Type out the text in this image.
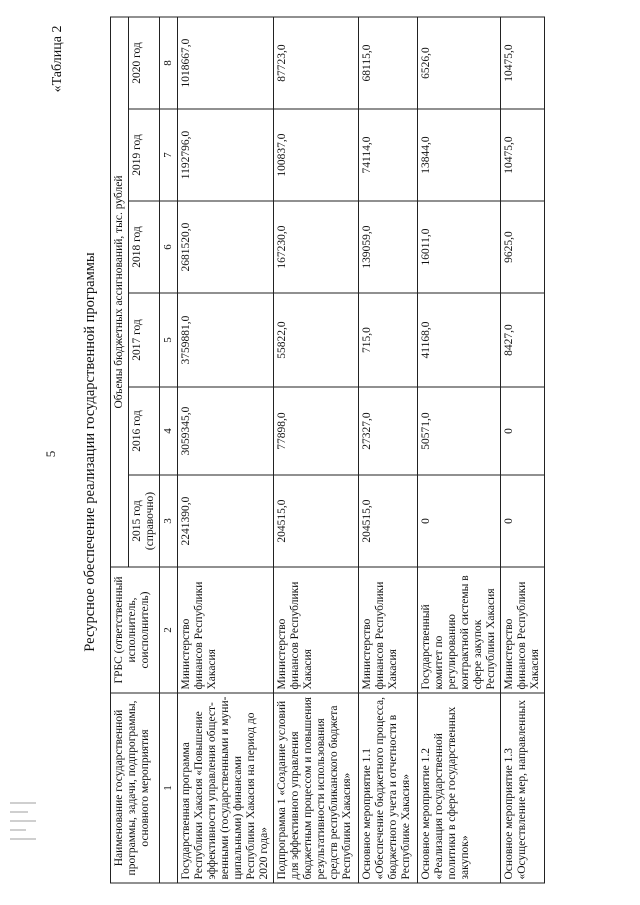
5
«Таблица 2
Ресурсное обеспечение реализации государственной программы
Наименование государственной программы, задачи, подпрограммы, основного мероприятия	ГРБС (ответственный исполнитель, соисполнитель)	Объемы бюджетных ассигнований, тыс. рублей					
		2015 год (справочно)	2016 год	2017 год	2018 год	2019 год	2020 год
1	2	3	4	5	6	7	8
Государственная программа Республики Хакасия «Повышение эффективности управления общест-венными (государственными и муни-ципальными) финансами Республики Хакасия на период до 2020 года»	Министерство финансов Республики Хакасия	2241390,0	3059345,0	3759881,0	2681520,0	1192796,0	1018667,0
Подпрограмма 1 «Создание условий для эффективного управления бюджетным процессом и повышения результативности использования средств республиканского бюджета Республики Хакасия»	Министерство финансов Республики Хакасия	204515,0	77898,0	55822,0	167230,0	100837,0	87723,0
Основное мероприятие 1.1 «Обеспечение бюджетного процесса, бюджетного учета и отчетности в Республике Хакасия»	Министерство финансов Республики Хакасия	204515,0	27327,0	715,0	139059,0	74114,0	68115,0
Основное мероприятие 1.2 «Реализация государственной политики в сфере государственных закупок»	Государственный комитет по регулированию контрактной системы в сфере закупок Республики Хакасия	0	50571,0	41168,0	16011,0	13844,0	6526,0
Основное мероприятие 1.3 «Осуществление мер, направленных	Министерство финансов Республики Хакасия	0	0	8427,0	9625,0	10475,0	10475,0
